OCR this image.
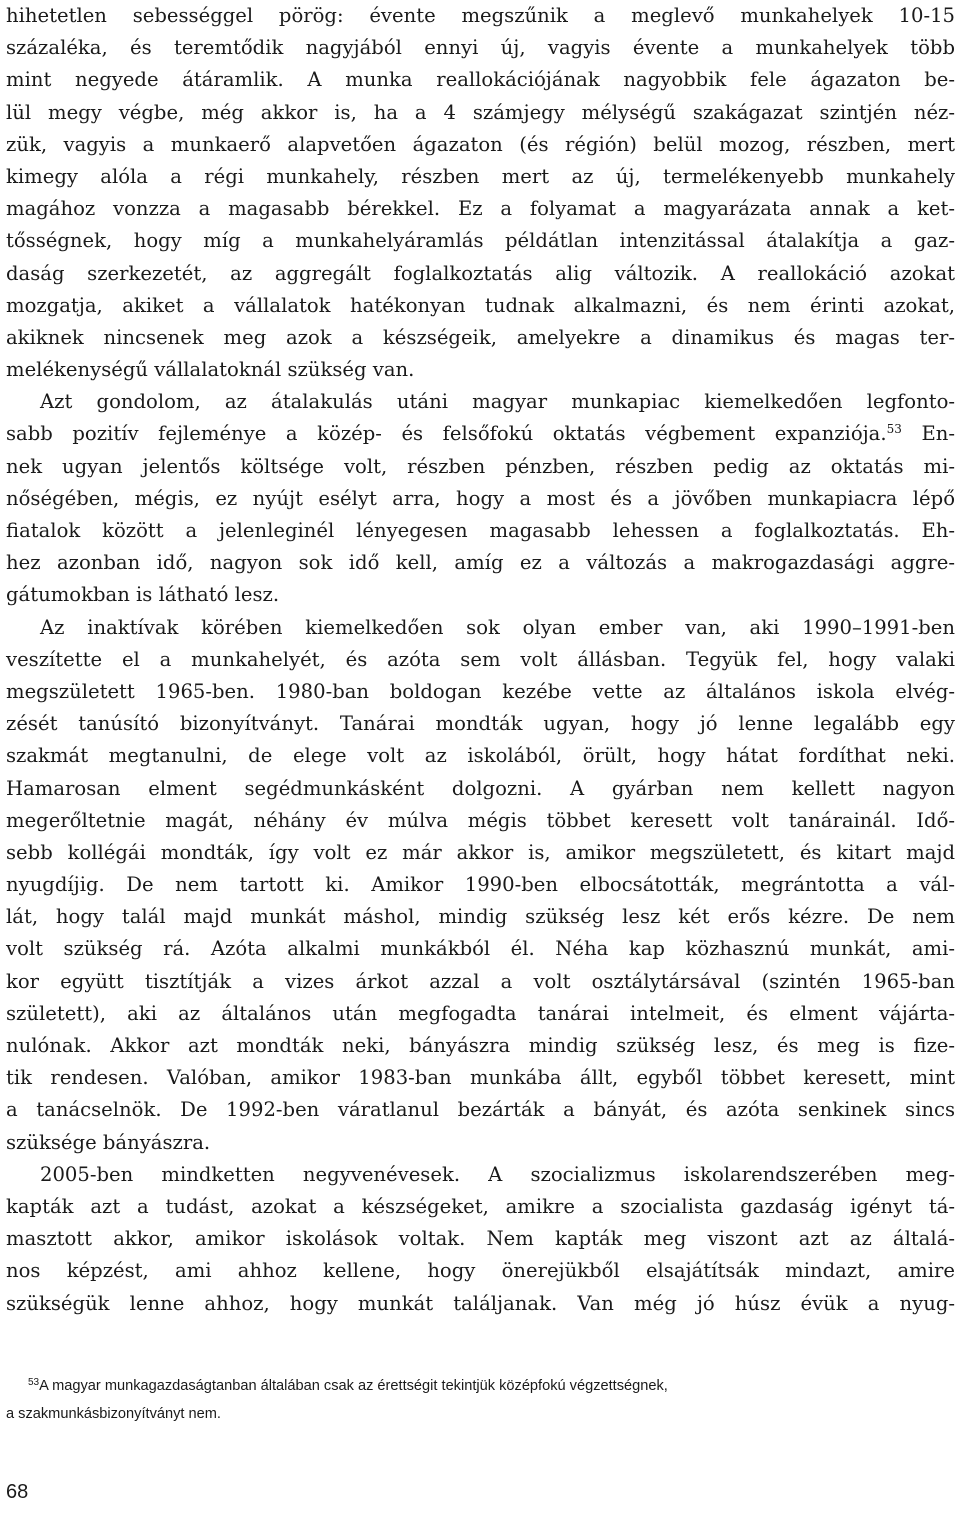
hihetetlen sebességgel pörög: évente megszűnik a meglevő munkahelyek 10-15
százaléka, és teremtődik nagyjából ennyi új, vagyis évente a munkahelyek több
mint negyede átáramlik. A munka reallokációjának nagyobbik fele ágazaton be-
lül megy végbe, még akkor is, ha a 4 számjegy mélységű szakágazat szintjén néz-
zük, vagyis a munkaerő alapvetően ágazaton (és régión) belül mozog, részben, mert
kimegy alóla a régi munkahely, részben mert az új, termelékenyebb munkahely
magához vonzza a magasabb bérekkel. Ez a folyamat a magyarázata annak a ket-
tősségnek, hogy míg a munkahelyáramlás példátlan intenzitással átalakítja a gaz-
daság szerkezetét, az aggregált foglalkoztatás alig változik. A reallokáció azokat
mozgatja, akiket a vállalatok hatékonyan tudnak alkalmazni, és nem érinti azokat,
akiknek nincsenek meg azok a készségeik, amelyekre a dinamikus és magas ter-
melékenységű vállalatoknál szükség van.
Azt gondolom, az átalakulás utáni magyar munkapiac kiemelkedően legfonto-
sabb pozitív fejleménye a közép- és felsőfokú oktatás végbement expanziója.$^{53}$ En-
nek ugyan jelentős költsége volt, részben pénzben, részben pedig az oktatás mi-
nőségében, mégis, ez nyújt esélyt arra, hogy a most és a jövőben munkapiacra lépő
fiatalok között a jelenleginél lényegesen magasabb lehessen a foglalkoztatás. Eh-
hez azonban idő, nagyon sok idő kell, amíg ez a változás a makrogazdasági aggre-
gátumokban is látható lesz.
Az inaktívak körében kiemelkedően sok olyan ember van, aki 1990–1991-ben
veszítette el a munkahelyét, és azóta sem volt állásban. Tegyük fel, hogy valaki
megszületett 1965-ben. 1980-ban boldogan kezébe vette az általános iskola elvég-
zését tanúsító bizonyítványt. Tanárai mondták ugyan, hogy jó lenne legalább egy
szakmát megtanulni, de elege volt az iskolából, örült, hogy hátat fordíthat neki.
Hamarosan elment segédmunkásként dolgozni. A gyárban nem kellett nagyon
megerőltetnie magát, néhány év múlva mégis többet keresett volt tanárainál. Idő-
sebb kollégái mondták, így volt ez már akkor is, amikor megszületett, és kitart majd
nyugdíjig. De nem tartott ki. Amikor 1990-ben elbocsátották, megrántotta a vál-
lát, hogy talál majd munkát máshol, mindig szükség lesz két erős kézre. De nem
volt szükség rá. Azóta alkalmi munkákból él. Néha kap közhasznú munkát, ami-
kor együtt tisztítják a vizes árkot azzal a volt osztálytársával (szintén 1965-ban
született), aki az általános után megfogadta tanárai intelmeit, és elment vájárta-
nulónak. Akkor azt mondták neki, bányászra mindig szükség lesz, és meg is fize-
tik rendesen. Valóban, amikor 1983-ban munkába állt, egyből többet keresett, mint
a tanácselnök. De 1992-ben váratlanul bezárták a bányát, és azóta senkinek sincs
szüksége bányászra.
2005-ben mindketten negyvenévesek. A szocializmus iskolarendszerében meg-
kapták azt a tudást, azokat a készségeket, amikre a szocialista gazdaság igényt tá-
masztott akkor, amikor iskolások voltak. Nem kapták meg viszont azt az általá-
nos képzést, ami ahhoz kellene, hogy önerejükből elsajátítsák mindazt, amire
szükségük lenne ahhoz, hogy munkát találjanak. Van még jó húsz évük a nyug-
$^{53}$A magyar munkagazdaságtanban általában csak az érettségit tekintjük középfokú végzettségnek,
a szakmunkásbizonyítványt nem.
68
